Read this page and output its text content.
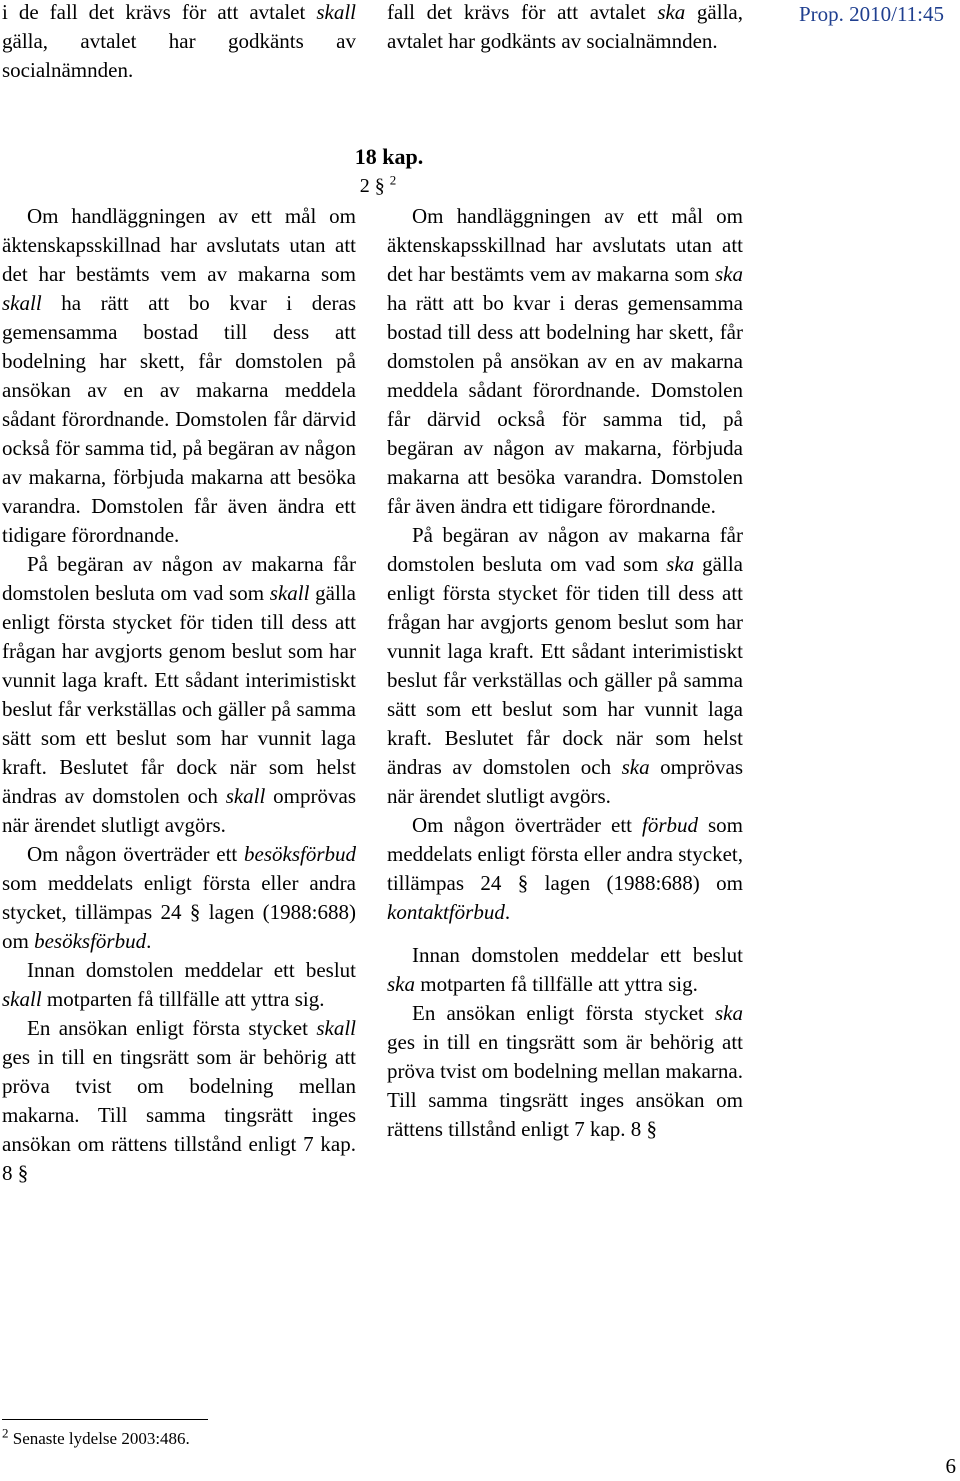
i de fall det krävs för att avtalet skall gälla, avtalet har godkänts av socialnämnden.

fall det krävs för att avtalet ska gälla, avtalet har godkänts av socialnämnden.

Prop. 2010/11:45
18 kap.
2 § $^2$

Om handläggningen av ett mål om äktenskapsskillnad har avslutats utan att det har bestämts vem av makarna som skall ha rätt att bo kvar i deras gemensamma bostad till dess att bodelning har skett, får domstolen på ansökan av en av makarna meddela sådant förordnande. Domstolen får därvid också för samma tid, på begäran av någon av makarna, förbjuda makarna att besöka varandra. Domstolen får även ändra ett tidigare förordnande.

På begäran av någon av makarna får domstolen besluta om vad som skall gälla enligt första stycket för tiden till dess att frågan har avgjorts genom beslut som har vunnit laga kraft. Ett sådant interimistiskt beslut får verkställas och gäller på samma sätt som ett beslut som har vunnit laga kraft. Beslutet får dock när som helst ändras av domstolen och skall omprövas när ärendet slutligt avgörs.

Om någon överträder ett besöksförbud som meddelats enligt första eller andra stycket, tillämpas 24 § lagen (1988:688) om besöksförbud.

Innan domstolen meddelar ett beslut skall motparten få tillfälle att yttra sig.

En ansökan enligt första stycket skall ges in till en tingsrätt som är behörig att pröva tvist om bodelning mellan makarna. Till samma tingsrätt inges ansökan om rättens tillstånd enligt 7 kap. 8 §

Om handläggningen av ett mål om äktenskapsskillnad har avslutats utan att det har bestämts vem av makarna som ska ha rätt att bo kvar i deras gemensamma bostad till dess att bodelning har skett, får domstolen på ansökan av en av makarna meddela sådant förordnande. Domstolen får därvid också för samma tid, på begäran av någon av makarna, förbjuda makarna att besöka varandra. Domstolen får även ändra ett tidigare förordnande.

På begäran av någon av makarna får domstolen besluta om vad som ska gälla enligt första stycket för tiden till dess att frågan har avgjorts genom beslut som har vunnit laga kraft. Ett sådant interimistiskt beslut får verkställas och gäller på samma sätt som ett beslut som har vunnit laga kraft. Beslutet får dock när som helst ändras av domstolen och ska omprövas när ärendet slutligt avgörs.

Om någon överträder ett förbud som meddelats enligt första eller andra stycket, tillämpas 24 § lagen (1988:688) om kontaktförbud.

Innan domstolen meddelar ett beslut ska motparten få tillfälle att yttra sig.

En ansökan enligt första stycket ska ges in till en tingsrätt som är behörig att pröva tvist om bodelning mellan makarna. Till samma tingsrätt inges ansökan om rättens tillstånd enligt 7 kap. 8 §

$^2$ Senaste lydelse 2003:486.
6
